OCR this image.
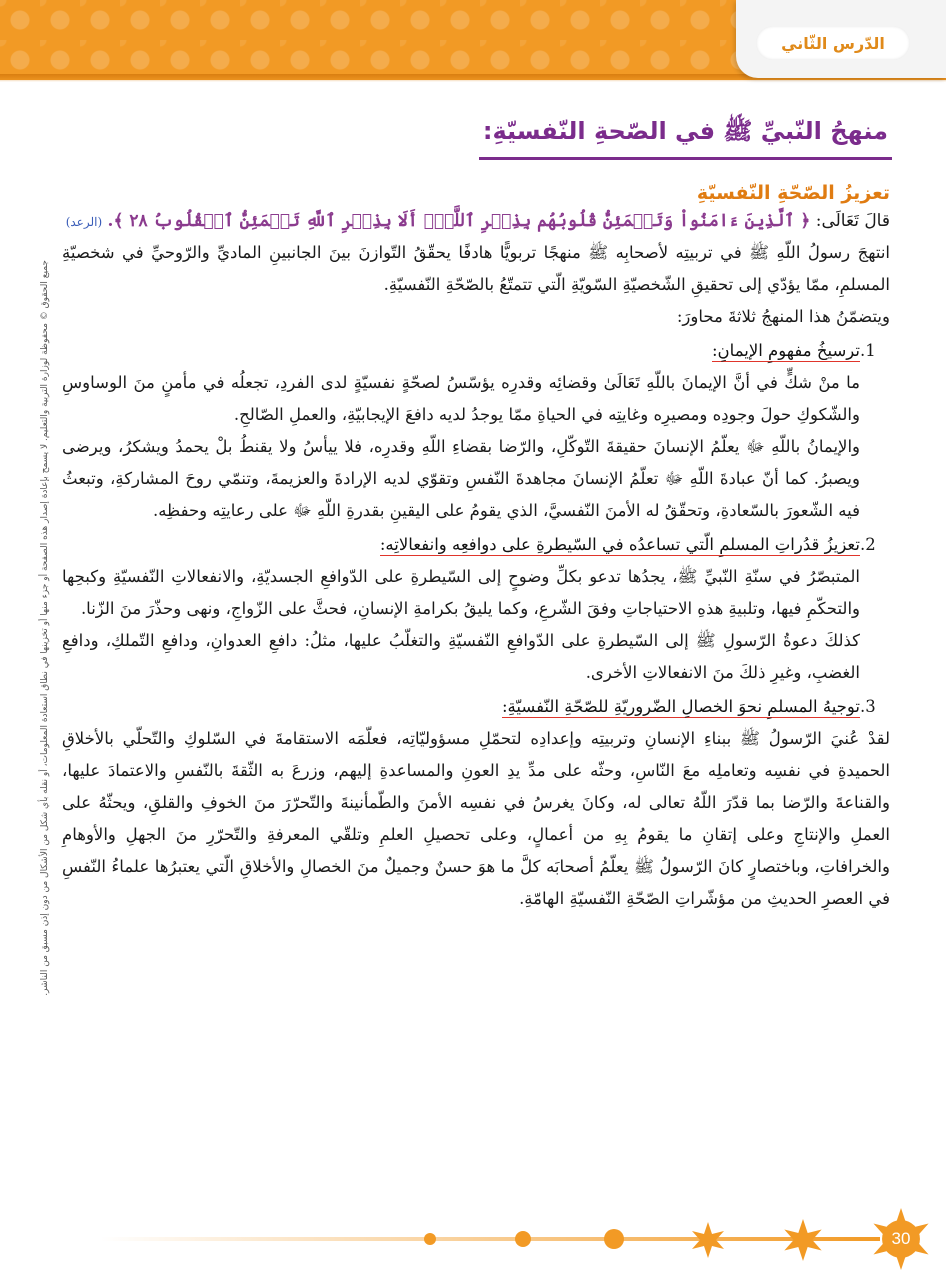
الدّرس الثّاني
جميع الحقوق © محفوظة لوزارة التربية والتعليم. لا يسمح بإعادة إصدار هذه الصفحة أو جزء منها أو تخزينها في نطاق استعادة المعلومات، أو نقله بأي شكل من الأشكال من دون إذن مسبق من الناشر.
منهجُ النّبيِّ ﷺ في الصّحةِ النّفسيّةِ:
تعزيزُ الصّحّةِ النّفسيّةِ
قالَ تَعَالَى: ﴿ ٱلَّذِينَ ءَامَنُواْ وَتَطۡمَئِنُّ قُلُوبُهُم بِذِكۡرِ ٱللَّهِۗ أَلَا بِذِكۡرِ ٱللَّهِ تَطۡمَئِنُّ ٱلۡقُلُوبُ ٢٨ ﴾. (الرعد)

انتهجَ رسولُ اللّهِ ﷺ في تربيتِه لأصحابِه ﷺ منهجًا تربويًّا هادفًا يحقّقُ التّوازنَ بينَ الجانبينِ الماديِّ والرّوحيِّ في شخصيّةِ المسلمِ، ممّا يؤدّي إلى تحقيقِ الشّخصيّةِ السّويّةِ الّتي تتمتّعُ بالصّحّةِ النّفسيّةِ.

ويتضمّنُ هذا المنهجُ ثلاثةَ محاورَ:

1.
ترسيخُ مفهومِ الإيمانِ:

ما منْ شكٍّ في أنَّ الإيمانَ باللّهِ تَعَالَىٰ وقضائِه وقدرِه يؤسّسُ لصحّةٍ نفسيّةٍ لدى الفردِ، تجعلُه في مأمنٍ منَ الوساوسِ والشّكوكِ حولَ وجودِه ومصيرِه وغايتِه في الحياةِ ممّا يوجدُ لديه دافعَ الإيجابيّةِ، والعملِ الصّالحِ.

والإيمانُ باللّهِ ﷻ يعلّمُ الإنسانَ حقيقةَ التّوكّلِ، والرّضا بقضاءِ اللّهِ وقدرِه، فلا ييأسُ ولا يقنطُ بلْ يحمدُ ويشكرُ، ويرضى ويصبرُ. كما أنّ عبادةَ اللّهِ ﷻ تعلّمُ الإنسانَ مجاهدةَ النّفسِ وتقوّي لديه الإرادةَ والعزيمةَ، وتنمّي روحَ المشاركةِ، وتبعثُ فيه الشّعورَ بالسّعادةِ، وتحقّقُ له الأمنَ النّفسيَّ، الذي يقومُ على اليقينِ بقدرةِ اللّهِ ﷻ على رعايتِه وحفظِه.

2.
تعزيزُ قدُراتِ المسلمِ الّتي تساعدُه في السّيطرةِ على دوافعِه وانفعالاتِه:

المتبصّرُ في سنّةِ النّبيِّ ﷺ، يجدُها تدعو بكلِّ وضوحٍ إلى السّيطرةِ على الدّوافعِ الجسديّةِ، والانفعالاتِ النّفسيّةِ وكبحِها والتحكّمِ فيها، وتلبيةِ هذهِ الاحتياجاتِ وفقَ الشّرعِ، وكما يليقُ بكرامةِ الإنسانِ، فحثَّ على الزّواجِ، ونهى وحذّرَ منَ الزّنا.

كذلكَ دعوةُ الرّسولِ ﷺ إلى السّيطرةِ على الدّوافعِ النّفسيّةِ والتغلّبُ عليها، مثلُ: دافعِ العدوانِ، ودافعِ التّملكِ، ودافعِ الغضبِ، وغيرِ ذلكَ منَ الانفعالاتِ الأخرى.

3.
توجيهُ المسلمِ نحوَ الخصالِ الضّروريّةِ للصّحّةِ النّفسيّةِ:

لقدْ عُنيَ الرّسولُ ﷺ ببناءِ الإنسانِ وتربيتِه وإعدادِه لتحمّلِ مسؤوليّاتِه، فعلّمَه الاستقامةَ في السّلوكِ والتّحلّي بالأخلاقِ الحميدةِ في نفسِه وتعاملِه معَ النّاسِ، وحثّه على مدِّ يدِ العونِ والمساعدةِ إليهم، وزرعَ به الثّقةَ بالنّفسِ والاعتمادَ عليها، والقناعةَ والرّضا بما قدّرَ اللّهُ تعالى له، وكانَ يغرسُ في نفسِه الأمنَ والطّمأنينةَ والتّحرّرَ منَ الخوفِ والقلقِ، ويحثّهُ على العملِ والإنتاجِ وعلى إتقانِ ما يقومُ بِهِ من أعمالٍ، وعلى تحصيلِ العلمِ وتلقّي المعرفةِ والتّحرّرِ منَ الجهلِ والأوهامِ والخرافاتِ، وباختصارٍ كانَ الرّسولُ ﷺ يعلّمُ أصحابَه كلَّ ما هوَ حسنٌ وجميلٌ منَ الخصالِ والأخلاقِ الّتي يعتبرُها علماءُ النّفسِ في العصرِ الحديثِ من مؤشّراتِ الصّحّةِ النّفسيّةِ الهامّةِ.

30
